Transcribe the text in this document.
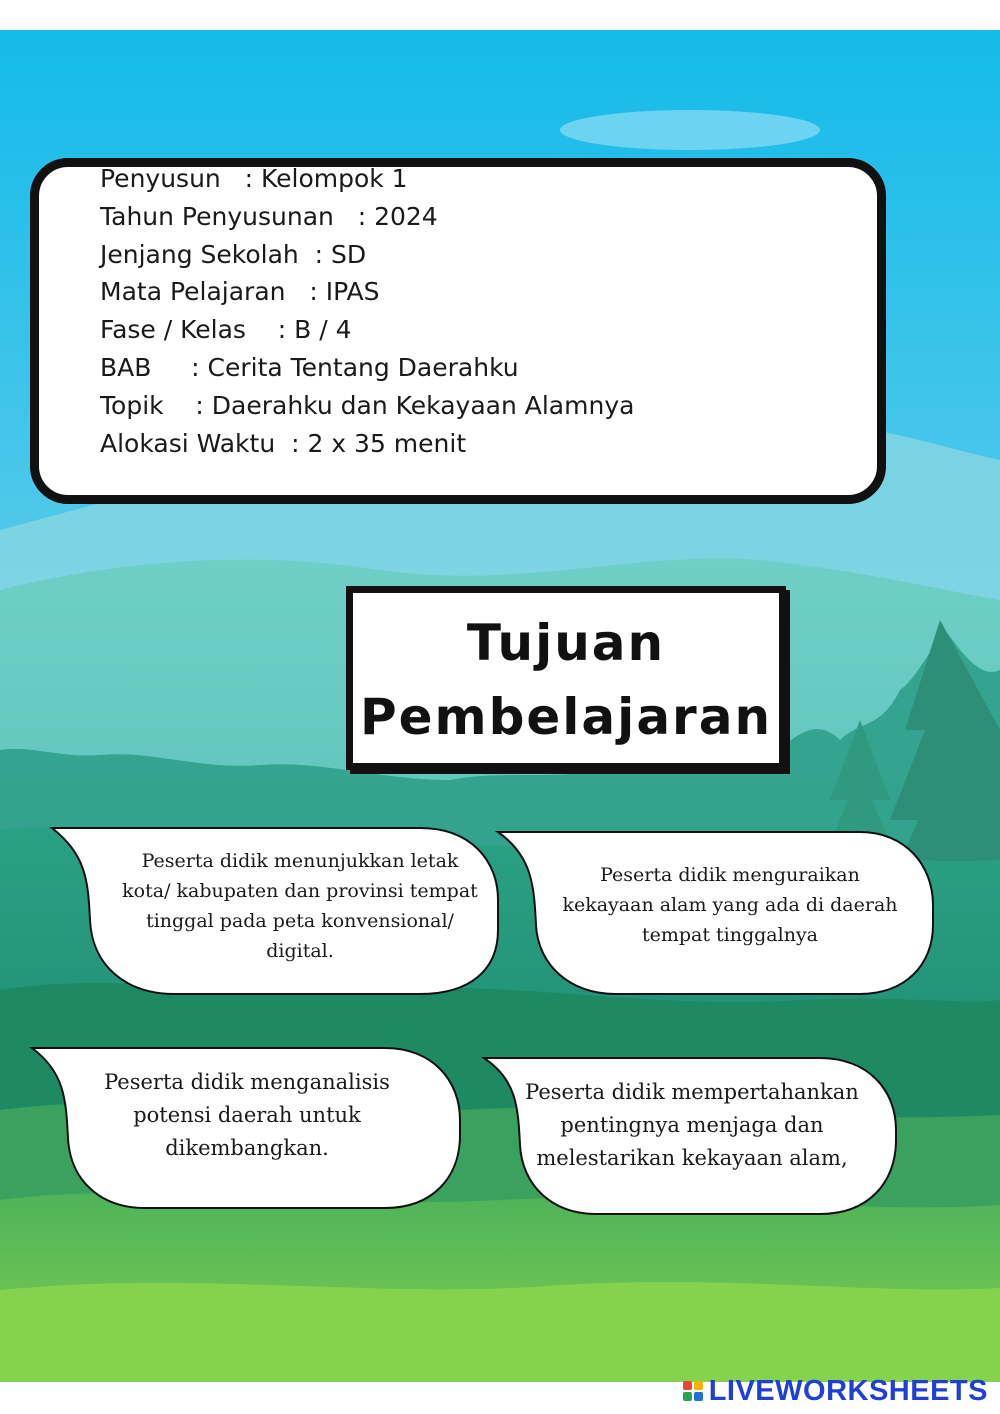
Penyusun   : Kelompok 1
Tahun Penyusunan   : 2024
Jenjang Sekolah  : SD
Mata Pelajaran   : IPAS
Fase / Kelas    : B / 4
BAB     : Cerita Tentang Daerahku
Topik    : Daerahku dan Kekayaan Alamnya
Alokasi Waktu  : 2 x 35 menit
Tujuan
Pembelajaran
Peserta didik menunjukkan letak
kota/ kabupaten dan provinsi tempat
tinggal pada peta konvensional/
digital.
Peserta didik menguraikan
kekayaan alam yang ada di daerah
tempat tinggalnya
Peserta didik menganalisis
potensi daerah untuk
dikembangkan.
Peserta didik mempertahankan
pentingnya menjaga dan
melestarikan kekayaan alam,
LIVEWORKSHEETS
